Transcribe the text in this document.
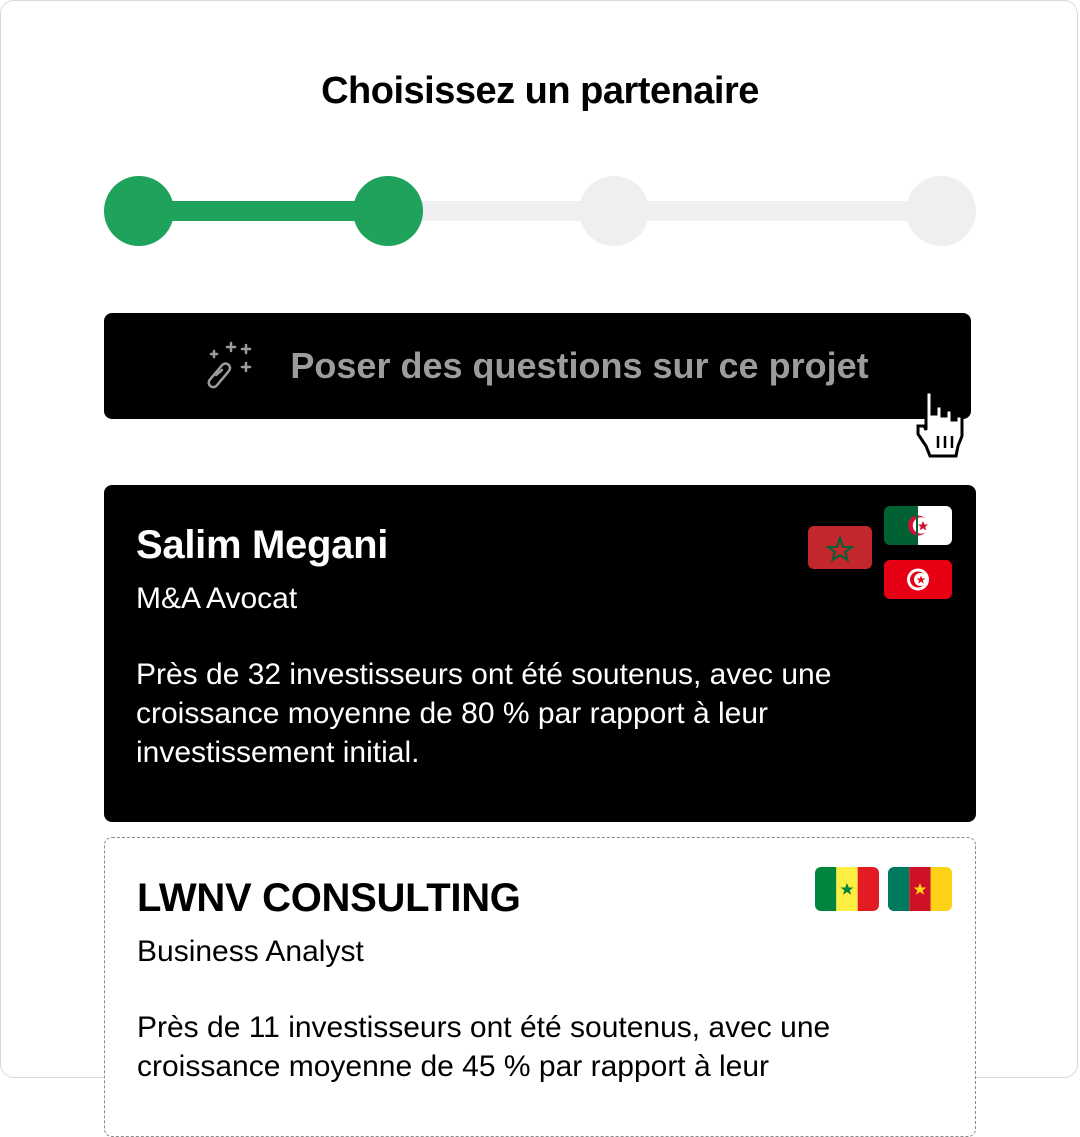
Choisissez un partenaire
Poser des questions sur ce projet
Salim Megani
M&A Avocat
Près de 32 investisseurs ont été soutenus, avec une croissance moyenne de 80 % par rapport à leur investissement initial.
LWNV CONSULTING
Business Analyst
Près de 11 investisseurs ont été soutenus, avec une croissance moyenne de 45 % par rapport à leur
